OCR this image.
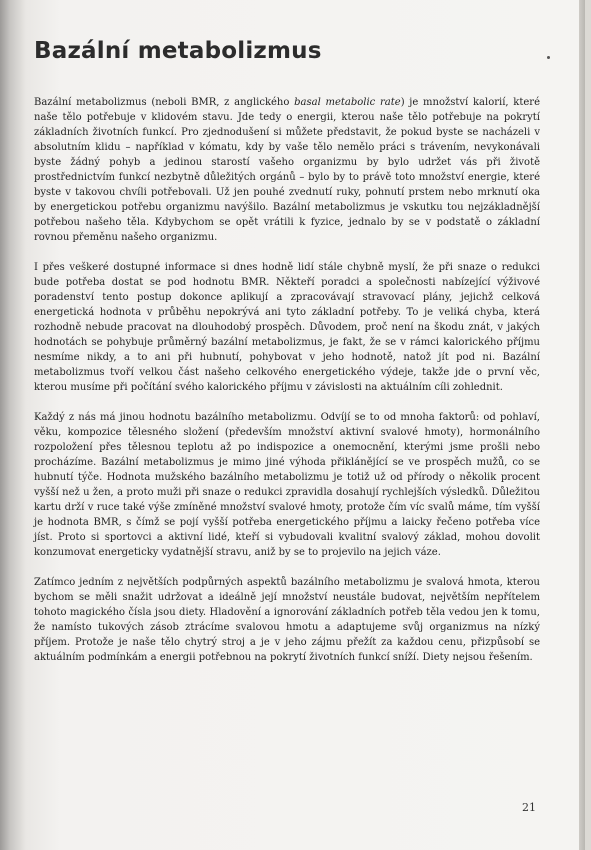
Bazální metabolizmus

Bazální metabolizmus (neboli BMR, z anglického basal metabolic rate) je množství kalorií, které naše tělo potřebuje v klidovém stavu. Jde tedy o energii, kterou naše tělo potřebuje na pokrytí základních životních funkcí. Pro zjednodušení si můžete představit, že pokud byste se nacházeli v absolutním klidu – například v kómatu, kdy by vaše tělo nemělo práci s trávením, nevykonávali byste žádný pohyb a jedinou starostí vašeho organizmu by bylo udržet vás při životě prostřednictvím funkcí nezbytně důležitých orgánů – bylo by to právě toto množství energie, které byste v takovou chvíli potřebovali. Už jen pouhé zvednutí ruky, pohnutí prstem nebo mrknutí oka by energetickou potřebu organizmu navýšilo. Bazální metabolizmus je vskutku tou nejzákladnější potřebou našeho těla. Kdybychom se opět vrátili k fyzice, jednalo by se v podstatě o základní rovnou přeměnu našeho organizmu.

I přes veškeré dostupné informace si dnes hodně lidí stále chybně myslí, že při snaze o redukci bude potřeba dostat se pod hodnotu BMR. Někteří poradci a společnosti nabízející výživové poradenství tento postup dokonce aplikují a zpracovávají stravovací plány, jejichž celková energetická hodnota v průběhu nepokrývá ani tyto základní potřeby. To je veliká chyba, která rozhodně nebude pracovat na dlouhodobý prospěch. Důvodem, proč není na škodu znát, v jakých hodnotách se pohybuje průměrný bazální metabolizmus, je fakt, že se v rámci kalorického příjmu nesmíme nikdy, a to ani při hubnutí, pohybovat v jeho hodnotě, natož jít pod ni. Bazální metabolizmus tvoří velkou část našeho celkového energetického výdeje, takže jde o první věc, kterou musíme při počítání svého kalorického příjmu v závislosti na aktuálním cíli zohlednit.

Každý z nás má jinou hodnotu bazálního metabolizmu. Odvíjí se to od mnoha faktorů: od pohlaví, věku, kompozice tělesného složení (především množství aktivní svalové hmoty), hormonálního rozpoložení přes tělesnou teplotu až po indispozice a onemocnění, kterými jsme prošli nebo procházíme. Bazální metabolizmus je mimo jiné výhoda přiklánějící se ve prospěch mužů, co se hubnutí týče. Hodnota mužského bazálního metabolizmu je totiž už od přírody o několik procent vyšší než u žen, a proto muži při snaze o redukci zpravidla dosahují rychlejších výsledků. Důležitou kartu drží v ruce také výše zmíněné množství svalové hmoty, protože čím víc svalů máme, tím vyšší je hodnota BMR, s čímž se pojí vyšší potřeba energetického příjmu a laicky řečeno potřeba více jíst. Proto si sportovci a aktivní lidé, kteří si vybudovali kvalitní svalový základ, mohou dovolit konzumovat energeticky vydatnější stravu, aniž by se to projevilo na jejich váze.

Zatímco jedním z největších podpůrných aspektů bazálního metabolizmu je svalová hmota, kterou bychom se měli snažit udržovat a ideálně její množství neustále budovat, největším nepřítelem tohoto magického čísla jsou diety. Hladovění a ignorování základních potřeb těla vedou jen k tomu, že namísto tukových zásob ztrácíme svalovou hmotu a adaptujeme svůj organizmus na nízký příjem. Protože je naše tělo chytrý stroj a je v jeho zájmu přežít za každou cenu, přizpůsobí se aktuálním podmínkám a energii potřebnou na pokrytí životních funkcí sníží. Diety nejsou řešením.

21
